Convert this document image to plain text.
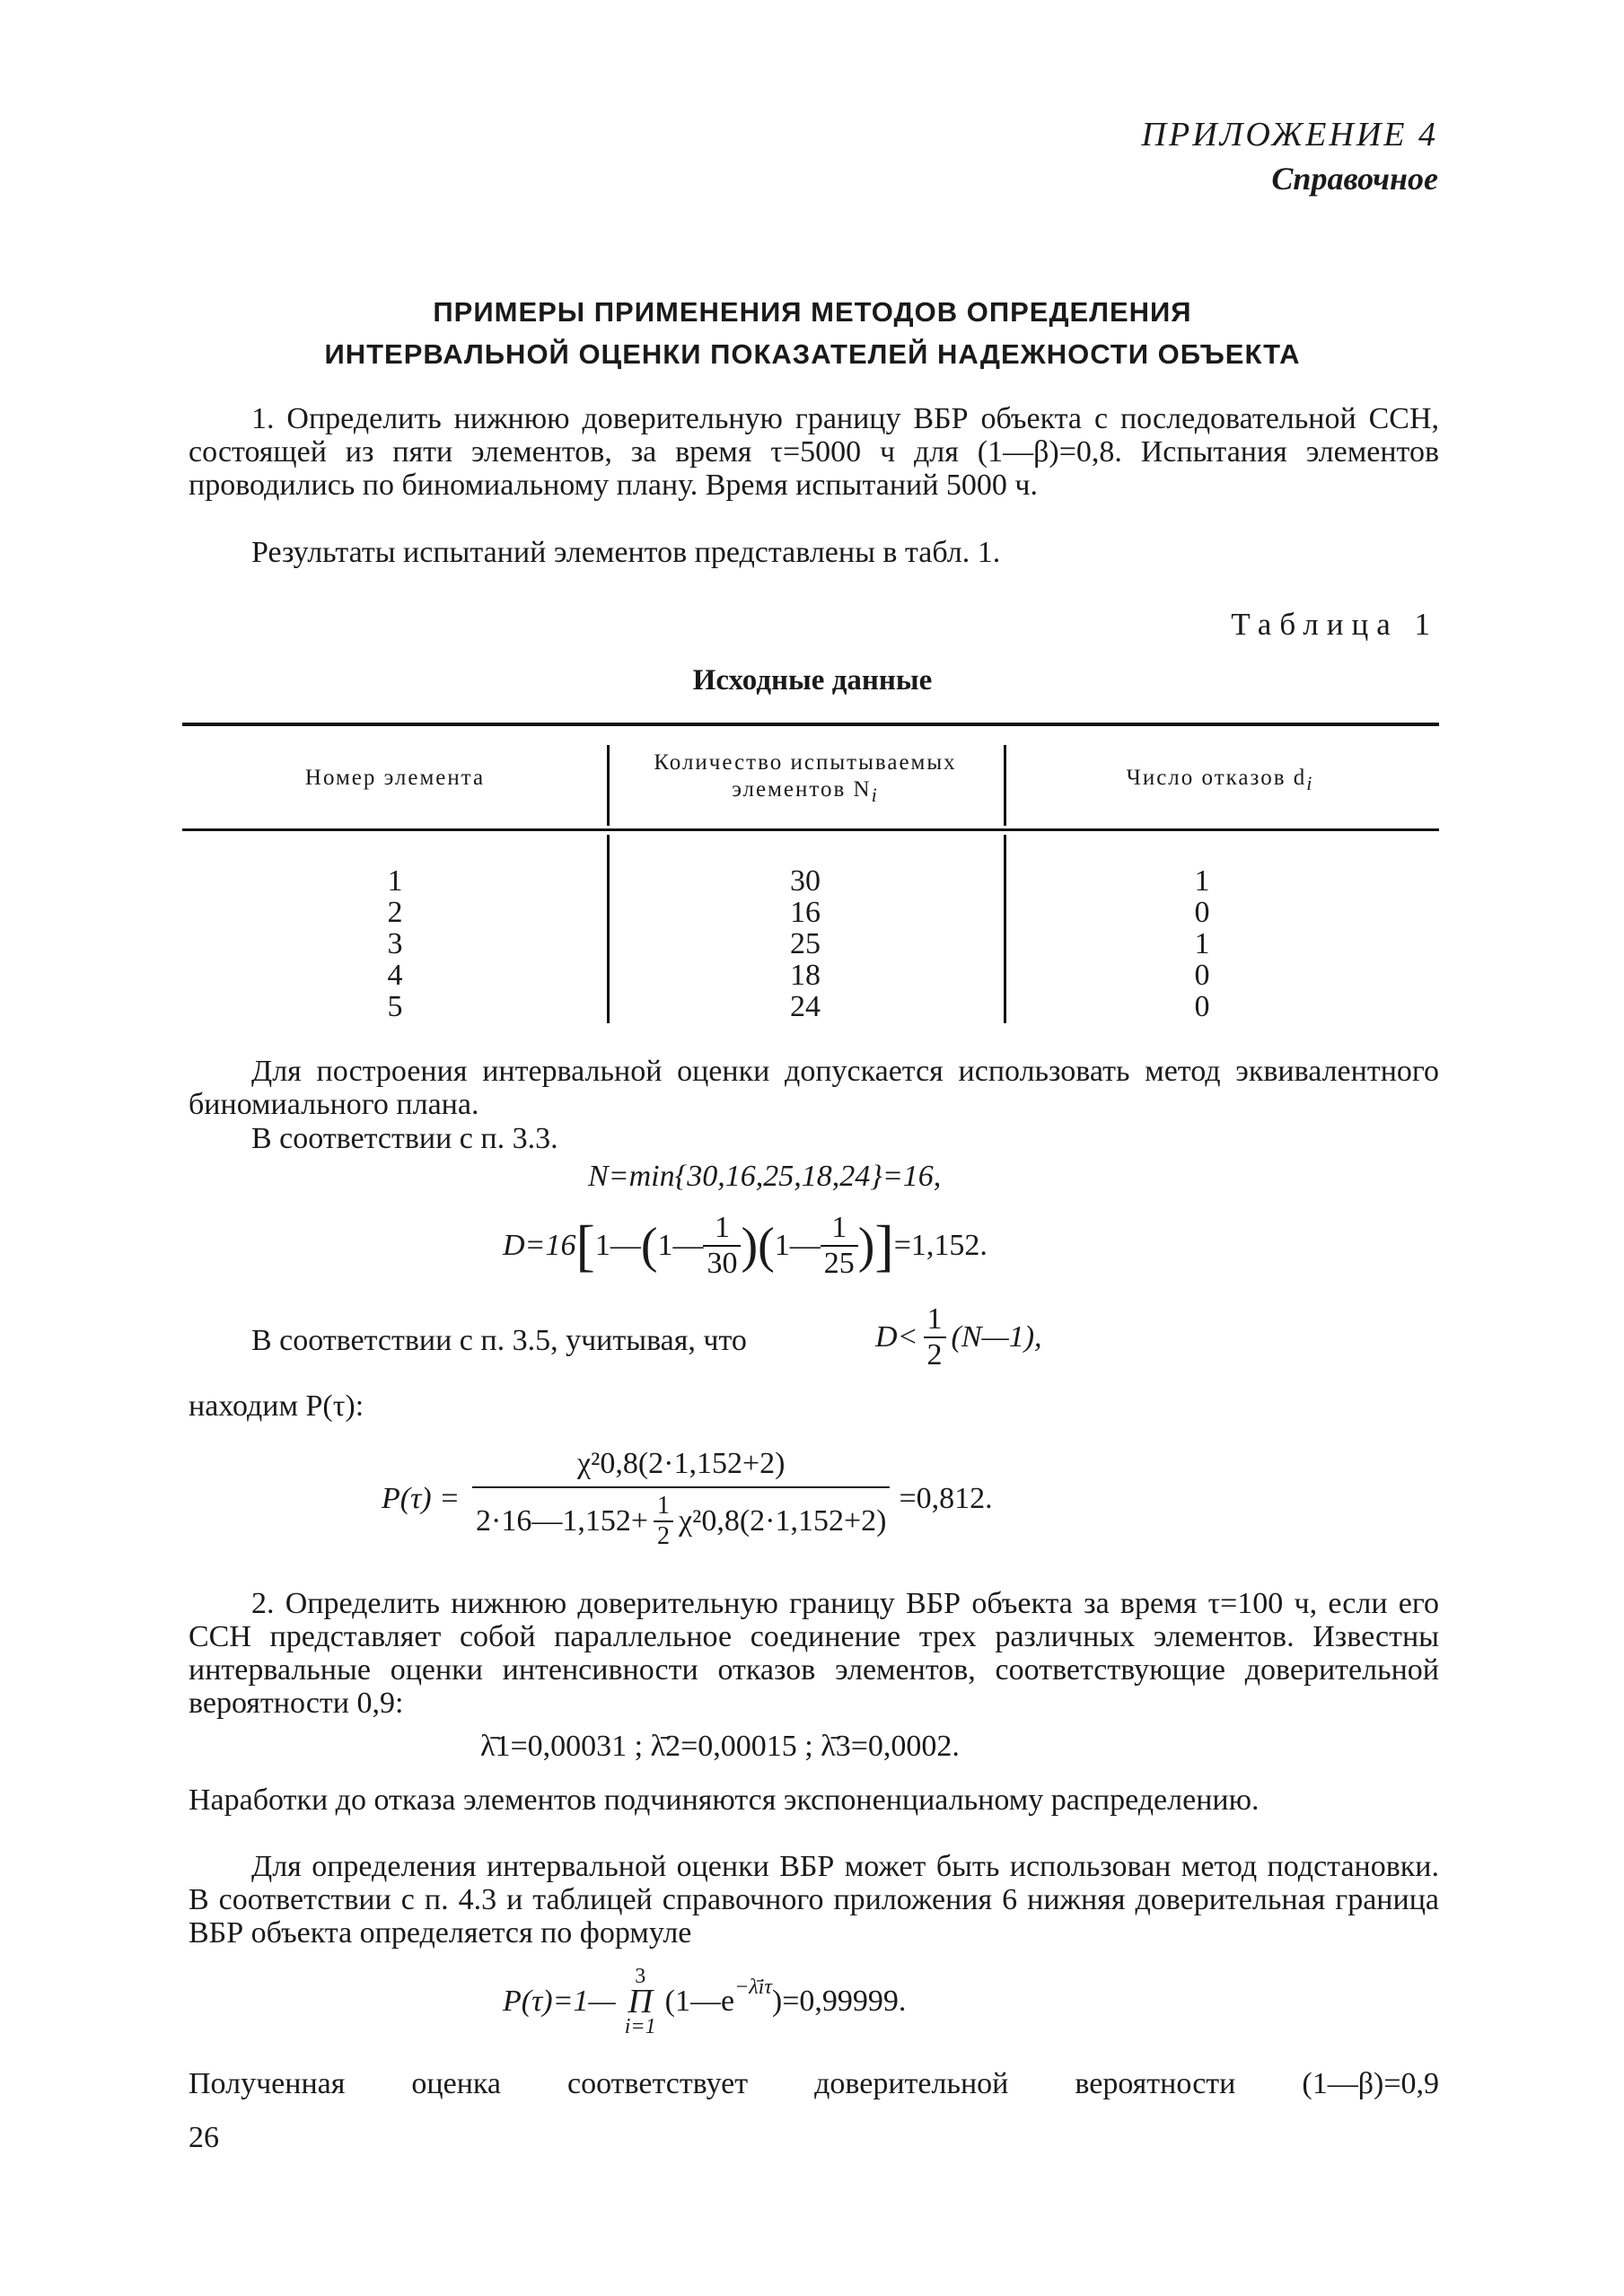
ПРИЛОЖЕНИЕ 4
Справочное
ПРИМЕРЫ ПРИМЕНЕНИЯ МЕТОДОВ ОПРЕДЕЛЕНИЯ
ИНТЕРВАЛЬНОЙ ОЦЕНКИ ПОКАЗАТЕЛЕЙ НАДЕЖНОСТИ ОБЪЕКТА
1. Определить нижнюю доверительную границу ВБР объекта с последовательной ССН, состоящей из пяти элементов, за время τ=5000 ч для (1—β)=0,8. Испытания элементов проводились по биномиальному плану. Время испытаний 5000 ч.
Результаты испытаний элементов представлены в табл. 1.
Таблица 1
Исходные данные
Номер элемента
Количество испытываемых элементов $N_i$
Число отказов $d_i$
1
2
3
4
5
30
16
25
18
24
1
0
1
0
0
Для построения интервальной оценки допускается использовать метод эквивалентного биномиального плана.
В соответствии с п. 3.3.
N=min{30,16,25,18,24}=16,
D=16 [ 1— ( 1— $\frac{1}{30}$ )( 1— $\frac{1}{25}$ ) ] =1,152.
В соответствии с п. 3.5, учитывая, что	$D< \frac{1}{2}$ (N—1),
находим P(τ):
P(τ) =
χ²0,8(2·1,152+2)
2·16—1,152+ $\frac{1}{2} \chi^20,8(2\cdot 1,152+2)$
=0,812.
2. Определить нижнюю доверительную границу ВБР объекта за время τ=100 ч, если его ССН представляет собой параллельное соединение трех различных элементов. Известны интервальные оценки интенсивности отказов элементов, соответствующие доверительной вероятности 0,9:
λ̄1=0,00031 ; λ̄2=0,00015 ; λ̄3=0,0002.
Наработки до отказа элементов подчиняются экспоненциальному распределению.
Для определения интервальной оценки ВБР может быть использован метод подстановки. В соответствии с п. 4.3 и таблицей справочного приложения 6 нижняя доверительная граница ВБР объекта определяется по формуле
P(τ)=1—
3
П
i=1
($1—e^{-\lambdāi\tau}$ )=0,99999.
Полученная оценка соответствует доверительной вероятности (1—β)=0,9
26
